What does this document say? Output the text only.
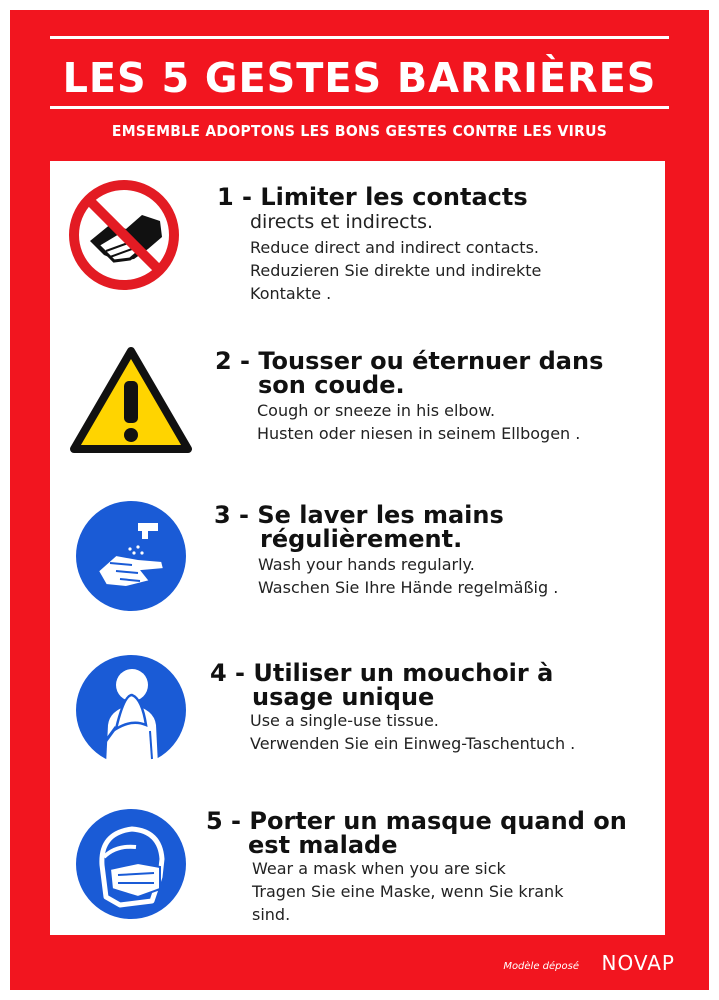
LES 5 GESTES BARRIÈRES
EMSEMBLE ADOPTONS LES BONS GESTES CONTRE LES VIRUS
1 - Limiter les contacts
directs et indirects.
Reduce direct and indirect contacts.
Reduzieren Sie direkte und indirekte
Kontakte .
2 - Tousser ou éternuer dans
son coude.
Cough or sneeze in his elbow.
Husten oder niesen in seinem Ellbogen .
3 - Se laver les mains
régulièrement.
Wash your hands regularly.
Waschen Sie Ihre Hände regelmäßig .
4 - Utiliser un mouchoir à
usage unique
Use a single-use tissue.
Verwenden Sie ein Einweg-Taschentuch .
5 - Porter un masque quand on
est malade
Wear a mask when you are sick
Tragen Sie eine Maske, wenn Sie krank
sind.
Modèle déposé NOVAP
